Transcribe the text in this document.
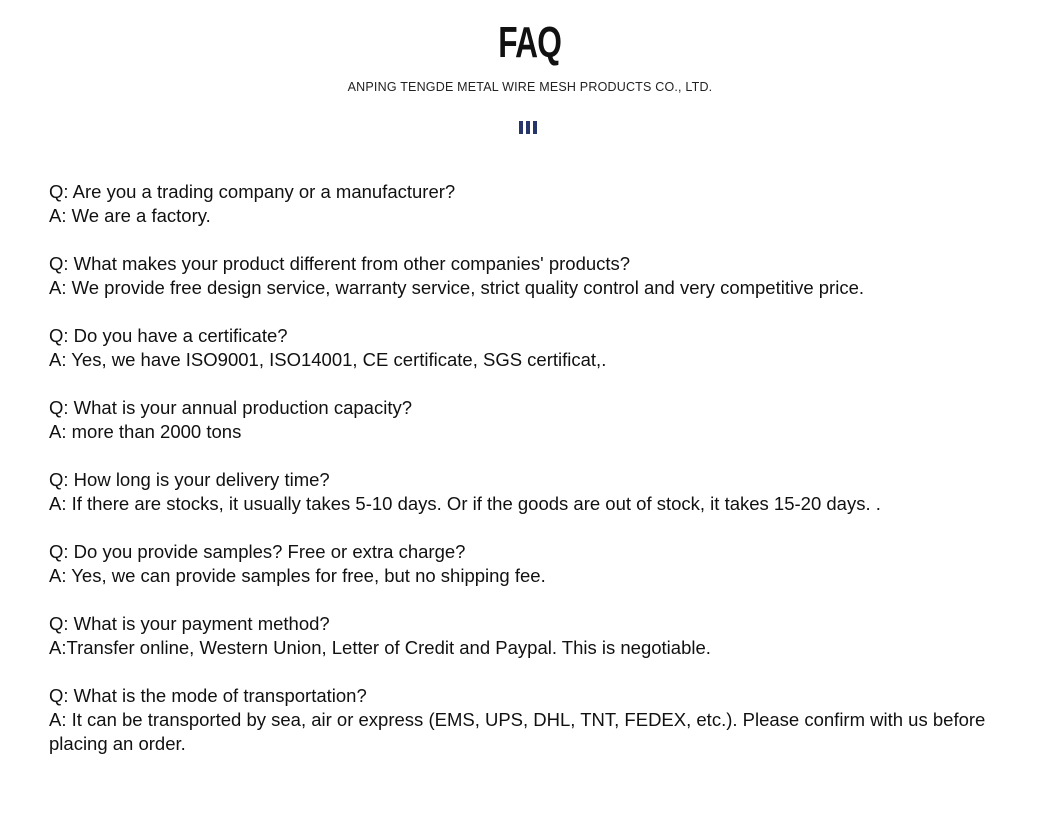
FAQ
ANPING TENGDE METAL WIRE MESH PRODUCTS CO., LTD.
Q: Are you a trading company or a manufacturer?
A: We are a factory.
Q: What makes your product different from other companies' products?
A: We provide free design service, warranty service, strict quality control and very competitive price.
Q: Do you have a certificate?
A: Yes, we have ISO9001, ISO14001, CE certificate, SGS certificat,.
Q: What is your annual production capacity?
A: more than 2000 tons
Q: How long is your delivery time?
A: If there are stocks, it usually takes 5-10 days. Or if the goods are out of stock, it takes 15-20 days. .
Q: Do you provide samples? Free or extra charge?
A: Yes, we can provide samples for free, but no shipping fee.
Q: What is your payment method?
A:Transfer online, Western Union, Letter of Credit and Paypal. This is negotiable.
Q: What is the mode of transportation?
A: It can be transported by sea, air or express (EMS, UPS, DHL, TNT, FEDEX, etc.). Please confirm with us before placing an order.
